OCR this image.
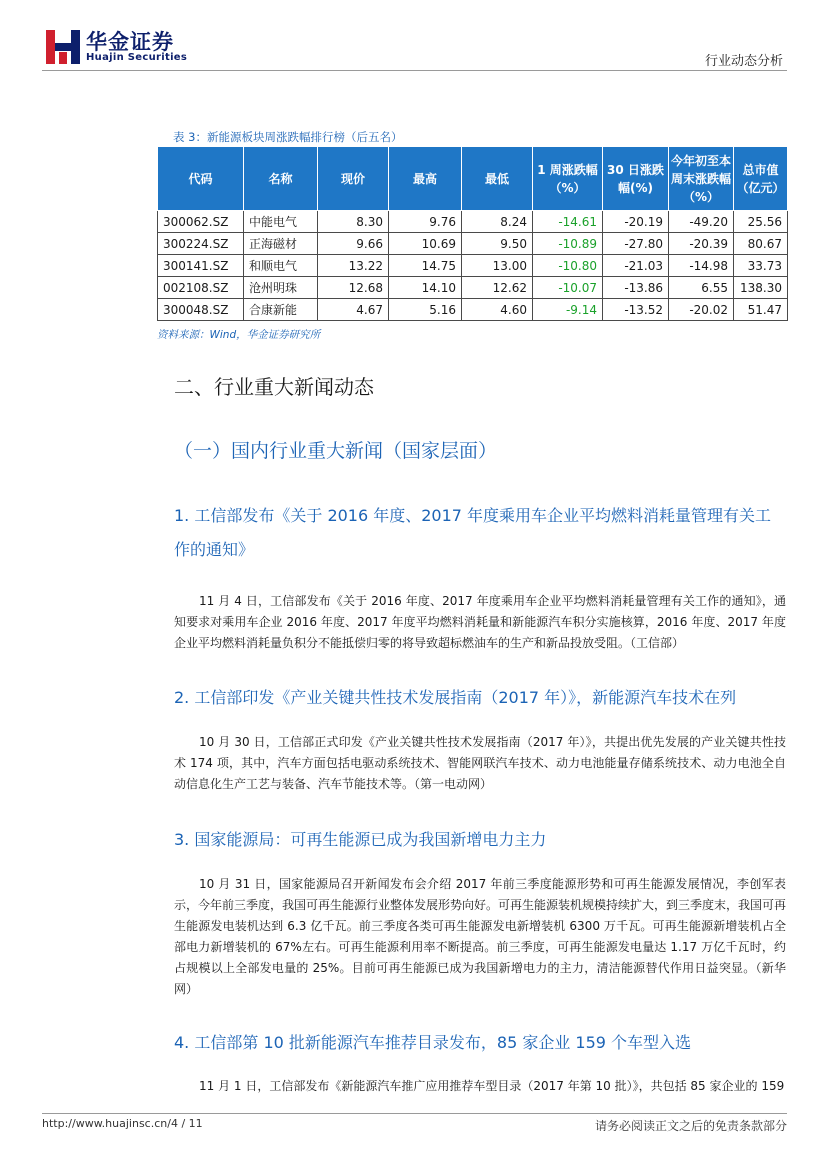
华金证券
Huajin Securities	行业动态分析
表 3：新能源板块周涨跌幅排行榜（后五名）
代码	名称	现价	最高	最低	1 周涨跌幅（%）	30 日涨跌幅(%)	今年初至本周末涨跌幅（%）	总市值（亿元）
300062.SZ	中能电气	8.30	9.76	8.24	-14.61	-20.19	-49.20	25.56
300224.SZ	正海磁材	9.66	10.69	9.50	-10.89	-27.80	-20.39	80.67
300141.SZ	和顺电气	13.22	14.75	13.00	-10.80	-21.03	-14.98	33.73
002108.SZ	沧州明珠	12.68	14.10	12.62	-10.07	-13.86	6.55	138.30
300048.SZ	合康新能	4.67	5.16	4.60	-9.14	-13.52	-20.02	51.47
资料来源：Wind，华金证券研究所
二、行业重大新闻动态
（一）国内行业重大新闻（国家层面）
1. 工信部发布《关于 2016 年度、2017 年度乘用车企业平均燃料消耗量管理有关工作的通知》
11 月 4 日，工信部发布《关于 2016 年度、2017 年度乘用车企业平均燃料消耗量管理有关工作的通知》，通知要求对乘用车企业 2016 年度、2017 年度平均燃料消耗量和新能源汽车积分实施核算，2016 年度、2017 年度企业平均燃料消耗量负积分不能抵偿归零的将导致超标燃油车的生产和新品投放受阻。（工信部）
2. 工信部印发《产业关键共性技术发展指南（2017 年）》，新能源汽车技术在列
10 月 30 日，工信部正式印发《产业关键共性技术发展指南（2017 年）》，共提出优先发展的产业关键共性技术 174 项，其中，汽车方面包括电驱动系统技术、智能网联汽车技术、动力电池能量存储系统技术、动力电池全自动信息化生产工艺与装备、汽车节能技术等。（第一电动网）
3. 国家能源局：可再生能源已成为我国新增电力主力
10 月 31 日，国家能源局召开新闻发布会介绍 2017 年前三季度能源形势和可再生能源发展情况，李创军表示，今年前三季度，我国可再生能源行业整体发展形势向好。可再生能源装机规模持续扩大，到三季度末，我国可再生能源发电装机达到 6.3 亿千瓦。前三季度各类可再生能源发电新增装机 6300 万千瓦。可再生能源新增装机占全部电力新增装机的 67%左右。可再生能源利用率不断提高。前三季度，可再生能源发电量达 1.17 万亿千瓦时，约占规模以上全部发电量的 25%。目前可再生能源已成为我国新增电力的主力，清洁能源替代作用日益突显。（新华网）
4. 工信部第 10 批新能源汽车推荐目录发布，85 家企业 159 个车型入选
11 月 1 日，工信部发布《新能源汽车推广应用推荐车型目录（2017 年第 10 批）》，共包括 85 家企业的 159
http://www.huajinsc.cn/4 / 11	请务必阅读正文之后的免责条款部分
